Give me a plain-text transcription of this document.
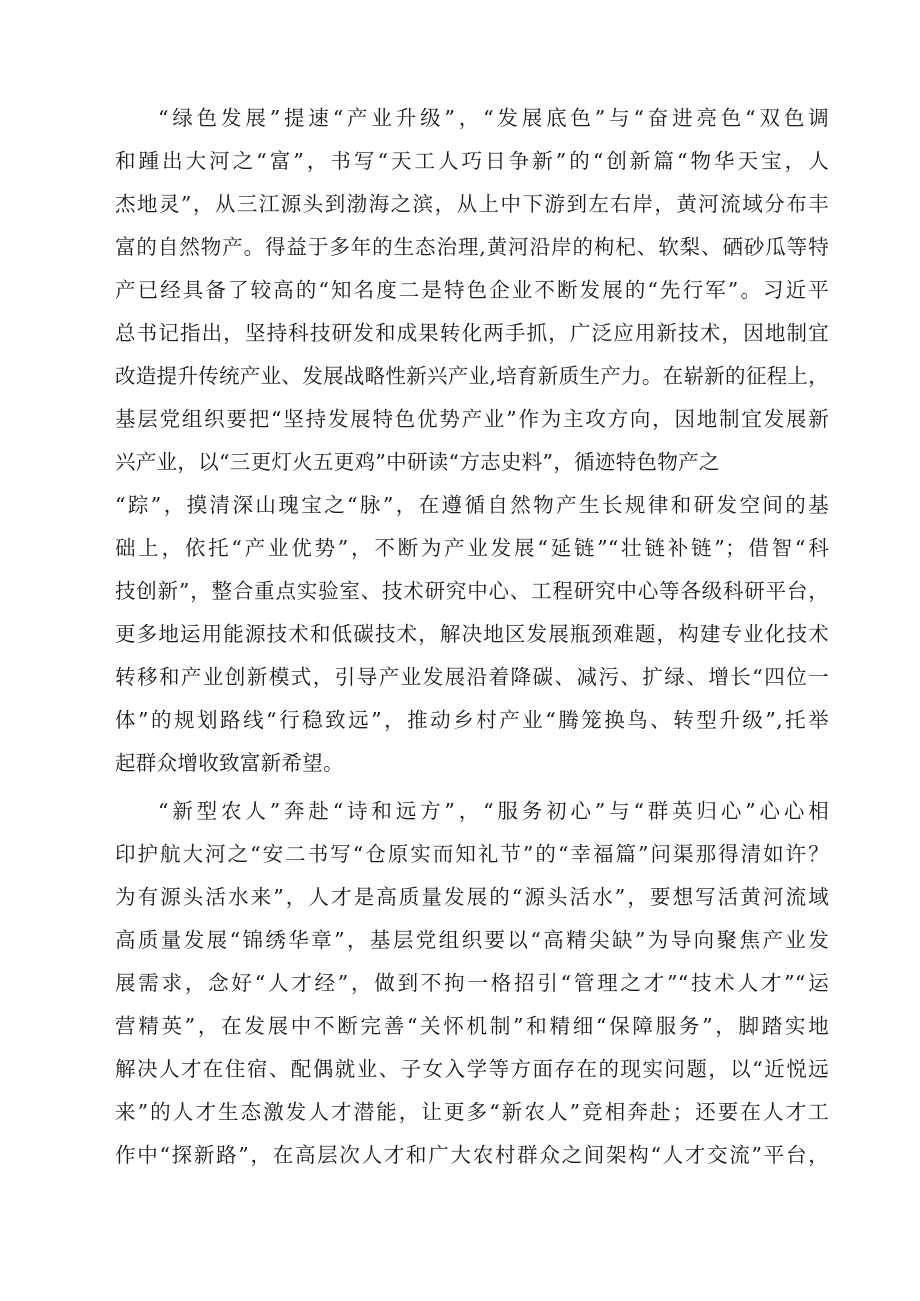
“绿色发展”提速“产业升级”，“发展底色”与“奋进亮色“双色调
和踵出大河之“富”，书写“天工人巧日争新”的“创新篇“物华天宝，人
杰地灵”，从三江源头到渤海之滨，从上中下游到左右岸，黄河流域分布丰
富的自然物产。得益于多年的生态治理,黄河沿岸的枸杞、软梨、硒砂瓜等特
产已经具备了较高的“知名度二是特色企业不断发展的“先行军”。习近平
总书记指出，坚持科技研发和成果转化两手抓，广泛应用新技术，因地制宜
改造提升传统产业、发展战略性新兴产业,培育新质生产力。在崭新的征程上，
基层党组织要把“坚持发展特色优势产业”作为主攻方向，因地制宜发展新
兴产业，以“三更灯火五更鸡”中研读“方志史料”，循迹特色物产之
“踪”，摸清深山瑰宝之“脉”，在遵循自然物产生长规律和研发空间的基
础上，依托“产业优势”，不断为产业发展“延链”“壮链补链”；借智“科
技创新”，整合重点实验室、技术研究中心、工程研究中心等各级科研平台，
更多地运用能源技术和低碳技术，解决地区发展瓶颈难题，构建专业化技术
转移和产业创新模式，引导产业发展沿着降碳、减污、扩绿、增长“四位一
体”的规划路线“行稳致远”，推动乡村产业“腾笼换鸟、转型升级”,托举
起群众增收致富新希望。
“新型农人”奔赴“诗和远方”，“服务初心”与“群英归心”心心相
印护航大河之“安二书写“仓原实而知礼节”的“幸福篇”问渠那得清如许？
为有源头活水来”，人才是高质量发展的“源头活水”，要想写活黄河流域
高质量发展“锦绣华章”，基层党组织要以“高精尖缺”为导向聚焦产业发
展需求，念好“人才经”，做到不拘一格招引“管理之才”“技术人才”“运
营精英”，在发展中不断完善“关怀机制”和精细“保障服务”，脚踏实地
解决人才在住宿、配偶就业、子女入学等方面存在的现实问题，以“近悦远
来”的人才生态激发人才潜能，让更多“新农人”竞相奔赴；还要在人才工
作中“探新路”，在高层次人才和广大农村群众之间架构“人才交流”平台，
